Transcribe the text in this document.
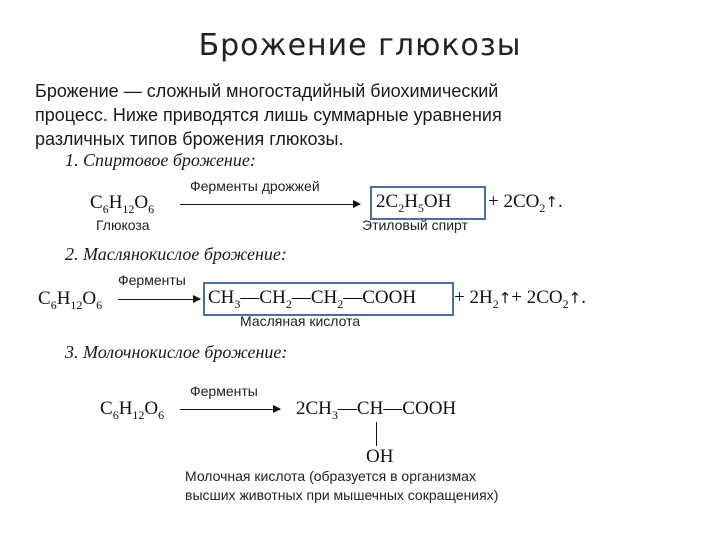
Брожение глюкозы
Брожение — сложный многостадийный биохимический
процесс. Ниже приводятся лишь суммарные уравнения
различных типов брожения глюкозы.
1. Спиртовое брожение:
$C_6H_{12}O_6$
Глюкоза
Ферменты дрожжей
$2C_2H_5OH$ + $2CO_2↑$.
Этиловый спирт
2. Маслянокислое брожение:
$C_6H_{12}O_6$
Ферменты
$CH_3—CH_2—CH_2—COOH$ + $2H_2↑+$ $2CO_2↑$.
Масляная кислота
3. Молочнокислое брожение:
$C_6H_{12}O_6$
Ферменты
$2CH_3—CH—COOH$
OH
Молочная кислота (образуется в организмах
высших животных при мышечных сокращениях)
